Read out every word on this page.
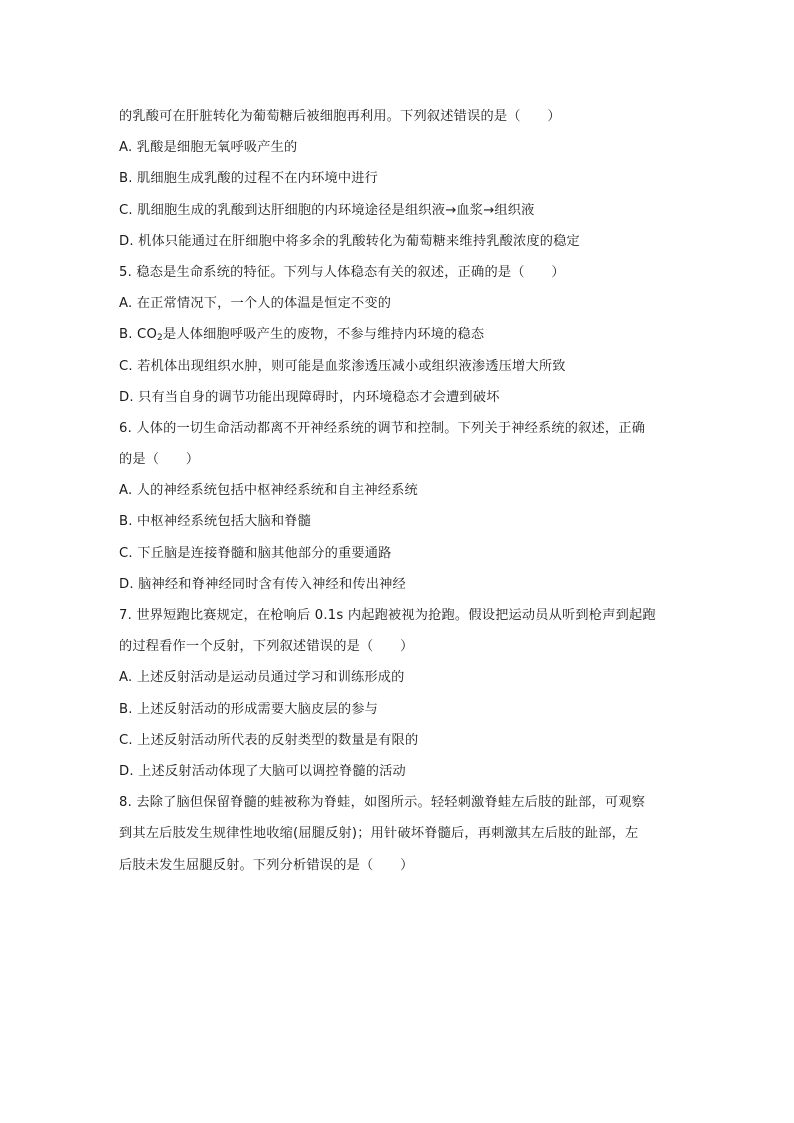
的乳酸可在肝脏转化为葡萄糖后被细胞再利用。下列叙述错误的是（　　）
A. 乳酸是细胞无氧呼吸产生的
B. 肌细胞生成乳酸的过程不在内环境中进行
C. 肌细胞生成的乳酸到达肝细胞的内环境途径是组织液→血浆→组织液
D. 机体只能通过在肝细胞中将多余的乳酸转化为葡萄糖来维持乳酸浓度的稳定
5. 稳态是生命系统的特征。下列与人体稳态有关的叙述，正确的是（　　）
A. 在正常情况下，一个人的体温是恒定不变的
B. $CO_2$是人体细胞呼吸产生的废物，不参与维持内环境的稳态
C. 若机体出现组织水肿，则可能是血浆渗透压减小或组织液渗透压增大所致
D. 只有当自身的调节功能出现障碍时，内环境稳态才会遭到破坏
6. 人体的一切生命活动都离不开神经系统的调节和控制。下列关于神经系统的叙述，正确
的是（　　）
A. 人的神经系统包括中枢神经系统和自主神经系统
B. 中枢神经系统包括大脑和脊髓
C. 下丘脑是连接脊髓和脑其他部分的重要通路
D. 脑神经和脊神经同时含有传入神经和传出神经
7. 世界短跑比赛规定，在枪响后 0.1s 内起跑被视为抢跑。假设把运动员从听到枪声到起跑
的过程看作一个反射，下列叙述错误的是（　　）
A. 上述反射活动是运动员通过学习和训练形成的
B. 上述反射活动的形成需要大脑皮层的参与
C. 上述反射活动所代表的反射类型的数量是有限的
D. 上述反射活动体现了大脑可以调控脊髓的活动
8. 去除了脑但保留脊髓的蛙被称为脊蛙，如图所示。轻轻刺激脊蛙左后肢的趾部，可观察
到其左后肢发生规律性地收缩(屈腿反射)；用针破坏脊髓后，再刺激其左后肢的趾部，左
后肢未发生屈腿反射。下列分析错误的是（　　）
